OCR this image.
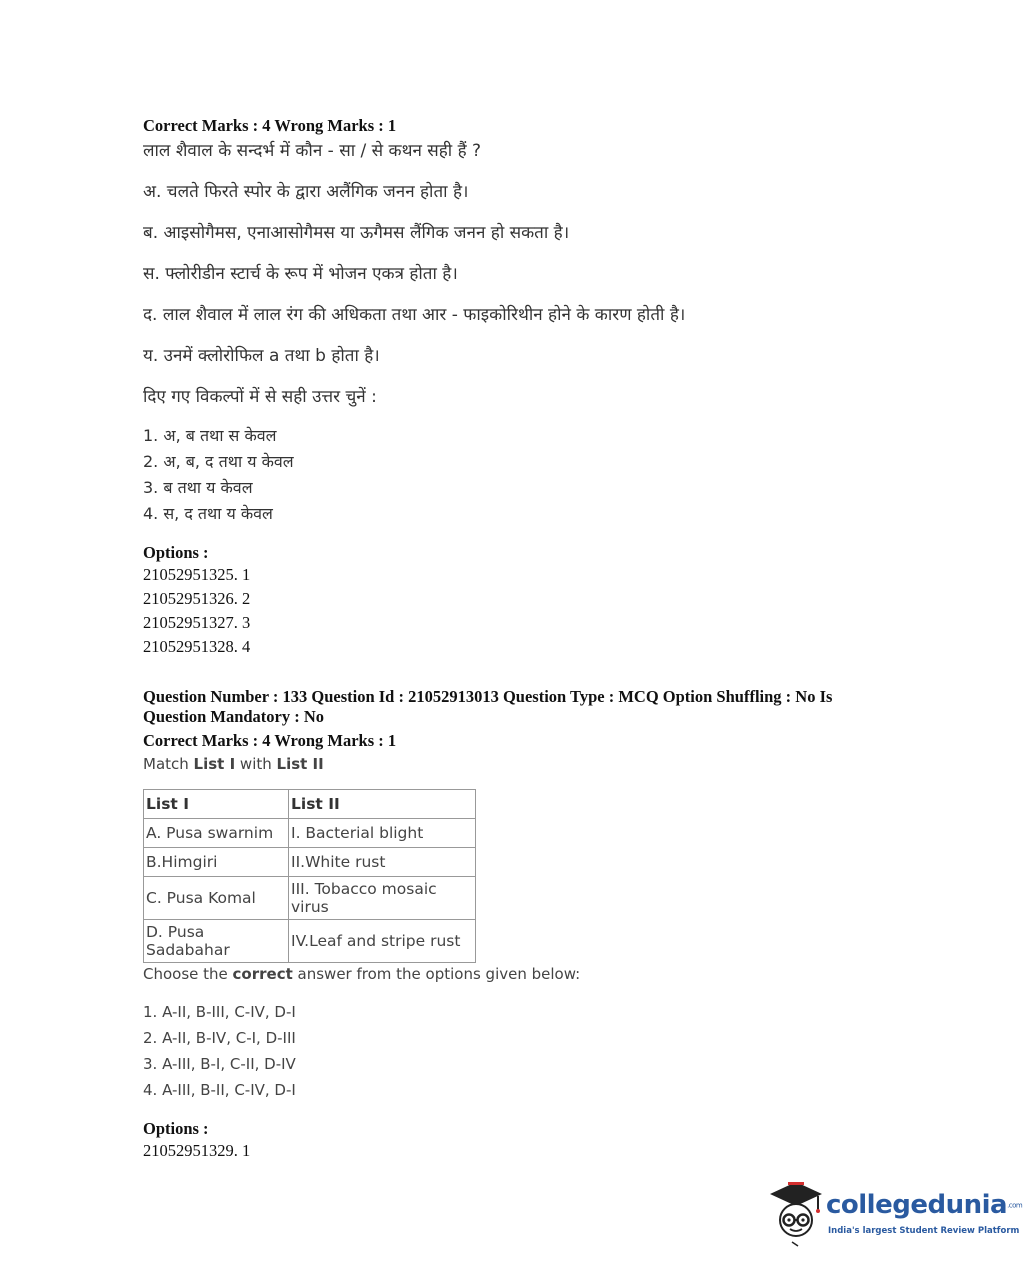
Correct Marks : 4 Wrong Marks : 1
लाल शैवाल के सन्दर्भ में कौन - सा / से कथन सही हैं ?
अ. चलते फिरते स्पोर के द्वारा अलैंगिक जनन होता है।
ब. आइसोगैमस, एनाआसोगैमस या ऊगैमस लैंगिक जनन हो सकता है।
स. फ्लोरीडीन स्टार्च के रूप में भोजन एकत्र होता है।
द. लाल शैवाल में लाल रंग की अधिकता तथा आर - फाइकोरिथीन होने के कारण होती है।
य. उनमें क्लोरोफिल a तथा b होता है।
दिए गए विकल्पों में से सही उत्तर चुनें :
1. अ, ब तथा स केवल
2. अ, ब, द तथा य केवल
3. ब तथा य केवल
4. स, द तथा य केवल
Options :
21052951325. 1
21052951326. 2
21052951327. 3
21052951328. 4
Question Number : 133 Question Id : 21052913013 Question Type : MCQ Option Shuffling : No Is
Question Mandatory : No
Correct Marks : 4 Wrong Marks : 1
Match List I with List II
List I	List II
A. Pusa swarnim	I. Bacterial blight
B.Himgiri	II.White rust
C. Pusa Komal	III. Tobacco mosaic virus
D. Pusa Sadabahar	IV.Leaf and stripe rust
Choose the correct answer from the options given below:
1. A-II, B-III, C-IV, D-I
2. A-II, B-IV, C-I, D-III
3. A-III, B-I, C-II, D-IV
4. A-III, B-II, C-IV, D-I
Options :
21052951329. 1
collegedunia.com
India's largest Student Review Platform
